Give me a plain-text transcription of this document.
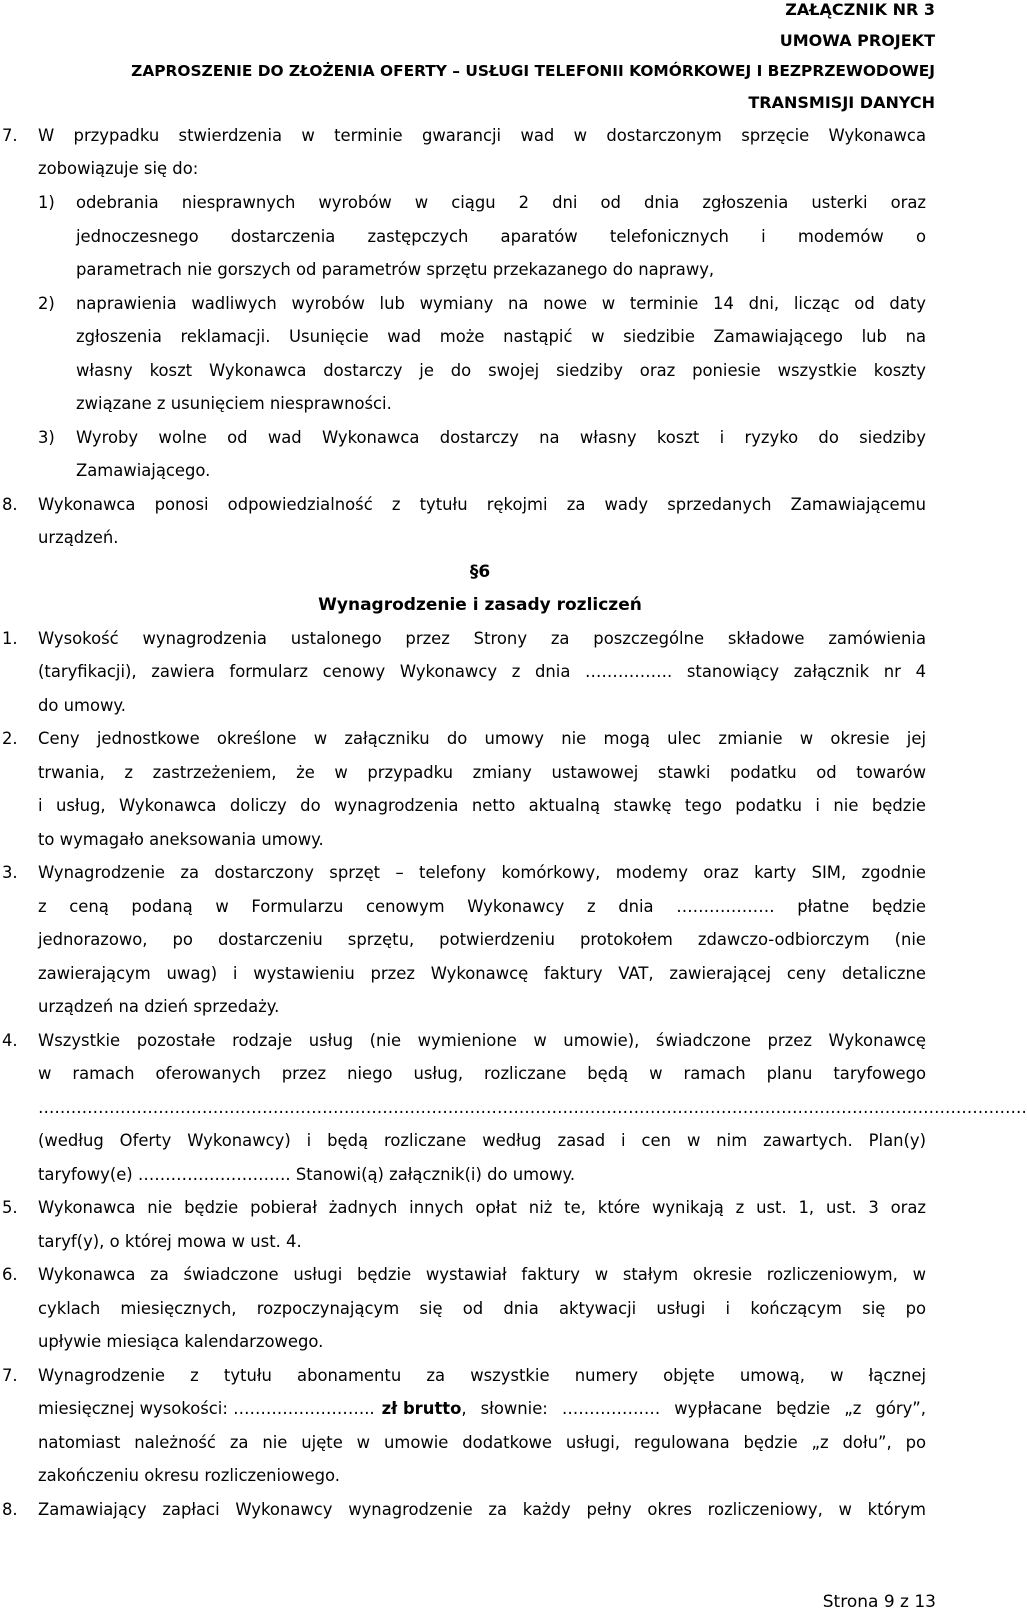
ZAŁĄCZNIK NR 3
UMOWA PROJEKT
ZAPROSZENIE DO ZŁOŻENIA OFERTY – USŁUGI TELEFONII KOMÓRKOWEJ I BEZPRZEWODOWEJ
TRANSMISJI DANYCH
7. W przypadku stwierdzenia w terminie gwarancji wad w dostarczonym sprzęcie Wykonawca
zobowiązuje się do:
1) odebrania niesprawnych wyrobów w ciągu 2 dni od dnia zgłoszenia usterki oraz
jednoczesnego dostarczenia zastępczych aparatów telefonicznych i modemów o
parametrach nie gorszych od parametrów sprzętu przekazanego do naprawy,
2) naprawienia wadliwych wyrobów lub wymiany na nowe w terminie 14 dni, licząc od daty
zgłoszenia reklamacji. Usunięcie wad może nastąpić w siedzibie Zamawiającego lub na
własny koszt Wykonawca dostarczy je do swojej siedziby oraz poniesie wszystkie koszty
związane z usunięciem niesprawności.
3) Wyroby wolne od wad Wykonawca dostarczy na własny koszt i ryzyko do siedziby
Zamawiającego.
8. Wykonawca ponosi odpowiedzialność z tytułu rękojmi za wady sprzedanych Zamawiającemu
urządzeń.
§6
Wynagrodzenie i zasady rozliczeń
1. Wysokość wynagrodzenia ustalonego przez Strony za poszczególne składowe zamówienia
(taryfikacji), zawiera formularz cenowy Wykonawcy z dnia ……………. stanowiący załącznik nr 4
do umowy.
2. Ceny jednostkowe określone w załączniku do umowy nie mogą ulec zmianie w okresie jej
trwania, z zastrzeżeniem, że w przypadku zmiany ustawowej stawki podatku od towarów
i usług, Wykonawca doliczy do wynagrodzenia netto aktualną stawkę tego podatku i nie będzie
to wymagało aneksowania umowy.
3. Wynagrodzenie za dostarczony sprzęt – telefony komórkowy, modemy oraz karty SIM, zgodnie
z ceną podaną w Formularzu cenowym Wykonawcy z dnia ……………… płatne będzie
jednorazowo, po dostarczeniu sprzętu, potwierdzeniu protokołem zdawczo-odbiorczym (nie
zawierającym uwag) i wystawieniu przez Wykonawcę faktury VAT, zawierającej ceny detaliczne
urządzeń na dzień sprzedaży.
4. Wszystkie pozostałe rodzaje usług (nie wymienione w umowie), świadczone przez Wykonawcę
w ramach oferowanych przez niego usług, rozliczane będą w ramach planu taryfowego
……………………………………………………………………………………………………………………………………………………………….
(według Oferty Wykonawcy) i będą rozliczane według zasad i cen w nim zawartych. Plan(y)
taryfowy(e) ………………………. Stanowi(ą) załącznik(i) do umowy.
5. Wykonawca nie będzie pobierał żadnych innych opłat niż te, które wynikają z ust. 1, ust. 3 oraz
taryf(y), o której mowa w ust. 4.
6. Wykonawca za świadczone usługi będzie wystawiał faktury w stałym okresie rozliczeniowym, w
cyklach miesięcznych, rozpoczynającym się od dnia aktywacji usługi i kończącym się po
upływie miesiąca kalendarzowego.
7. Wynagrodzenie z tytułu abonamentu za wszystkie numery objęte umową, w łącznej
miesięcznej wysokości: …………………….. zł brutto , słownie: ……………… wypłacane będzie „z góry”,
natomiast należność za nie ujęte w umowie dodatkowe usługi, regulowana będzie „z dołu”, po
zakończeniu okresu rozliczeniowego.
8. Zamawiający zapłaci Wykonawcy wynagrodzenie za każdy pełny okres rozliczeniowy, w którym
Strona 9 z 13
